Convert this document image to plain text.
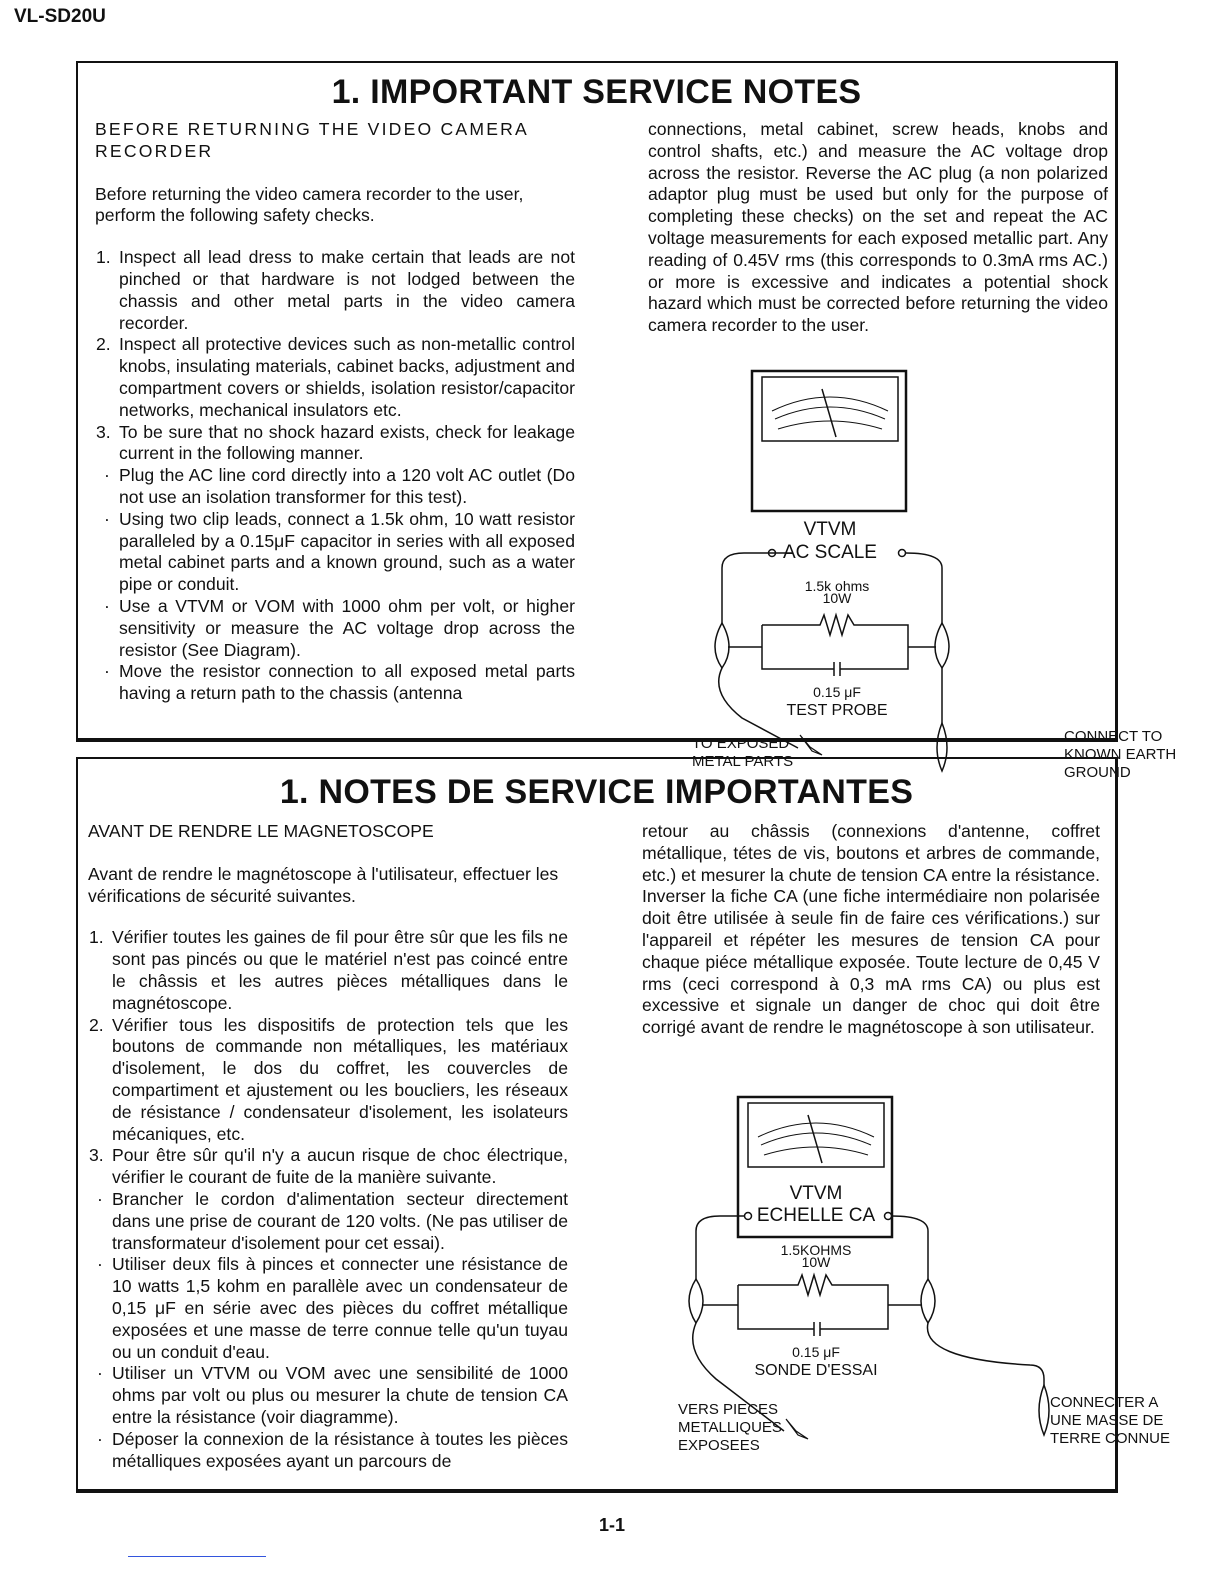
VL-SD20U
1. IMPORTANT SERVICE NOTES

BEFORE RETURNING THE VIDEO CAMERA RECORDER

Before returning the video camera recorder to the user, perform the following safety checks.

1. Inspect all lead dress to make certain that leads are not pinched or that hardware is not lodged between the chassis and other metal parts in the video camera recorder.
2. Inspect all protective devices such as non-metallic control knobs, insulating materials, cabinet backs, adjustment and compartment covers or shields, isolation resistor/capacitor networks, mechanical insulators etc.
3. To be sure that no shock hazard exists, check for leakage current in the following manner.
· Plug the AC line cord directly into a 120 volt AC outlet (Do not use an isolation transformer for this test).
· Using two clip leads, connect a 1.5k ohm, 10 watt resistor paralleled by a 0.15μF capacitor in series with all exposed metal cabinet parts and a known ground, such as a water pipe or conduit.
· Use a VTVM or VOM with 1000 ohm per volt, or higher sensitivity or measure the AC voltage drop across the resistor (See Diagram).
· Move the resistor connection to all exposed metal parts having a return path to the chassis (antenna

connections, metal cabinet, screw heads, knobs and control shafts, etc.) and measure the AC voltage drop across the resistor. Reverse the AC plug (a non polarized adaptor plug must be used but only for the purpose of completing these checks) on the set and repeat the AC voltage measurements for each exposed metallic part. Any reading of 0.45V rms (this corresponds to 0.3mA rms AC.) or more is excessive and indicates a potential shock hazard which must be corrected before returning the video camera recorder to the user.

VTVM
AC SCALE
1.5k ohms
10W
0.15 μF
TEST PROBE
TO EXPOSED
METAL PARTS
CONNECT TO
KNOWN EARTH
GROUND
1. NOTES DE SERVICE IMPORTANTES

AVANT DE RENDRE LE MAGNETOSCOPE

Avant de rendre le magnétoscope à l'utilisateur, effectuer les vérifications de sécurité suivantes.

1. Vérifier toutes les gaines de fil pour être sûr que les fils ne sont pas pincés ou que le matériel n'est pas coincé entre le châssis et les autres pièces métalliques dans le magnétoscope.
2. Vérifier tous les dispositifs de protection tels que les boutons de commande non métalliques, les matériaux d'isolement, le dos du coffret, les couvercles de compartiment et ajustement ou les boucliers, les réseaux de résistance / condensateur d'isolement, les isolateurs mécaniques, etc.
3. Pour être sûr qu'il n'y a aucun risque de choc électrique, vérifier le courant de fuite de la manière suivante.
· Brancher le cordon d'alimentation secteur directement dans une prise de courant de 120 volts. (Ne pas utiliser de transformateur d'isolement pour cet essai).
· Utiliser deux fils à pinces et connecter une résistance de 10 watts 1,5 kohm en parallèle avec un condensateur de 0,15 μF en série avec des pièces du coffret métallique exposées et une masse de terre connue telle qu'un tuyau ou un conduit d'eau.
· Utiliser un VTVM ou VOM avec une sensibilité de 1000 ohms par volt ou plus ou mesurer la chute de tension CA entre la résistance (voir diagramme).
· Déposer la connexion de la résistance à toutes les pièces métalliques exposées ayant un parcours de

retour au châssis (connexions d'antenne, coffret métallique, tétes de vis, boutons et arbres de commande, etc.) et mesurer la chute de tension CA entre la résistance. Inverser la fiche CA (une fiche intermédiaire non polarisée doit être utilisée à seule fin de faire ces vérifications.) sur l'appareil et répéter les mesures de tension CA pour chaque piéce métallique exposée. Toute lecture de 0,45 V rms (ceci correspond à 0,3 mA rms CA) ou plus est excessive et signale un danger de choc qui doit être corrigé avant de rendre le magnétoscope à son utilisateur.

VTVM
ECHELLE CA
1.5KOHMS
10W
0.15 μF
SONDE D'ESSAI
VERS PIECES
METALLIQUES
EXPOSEES
CONNECTER A
UNE MASSE DE
TERRE CONNUE
1-1
